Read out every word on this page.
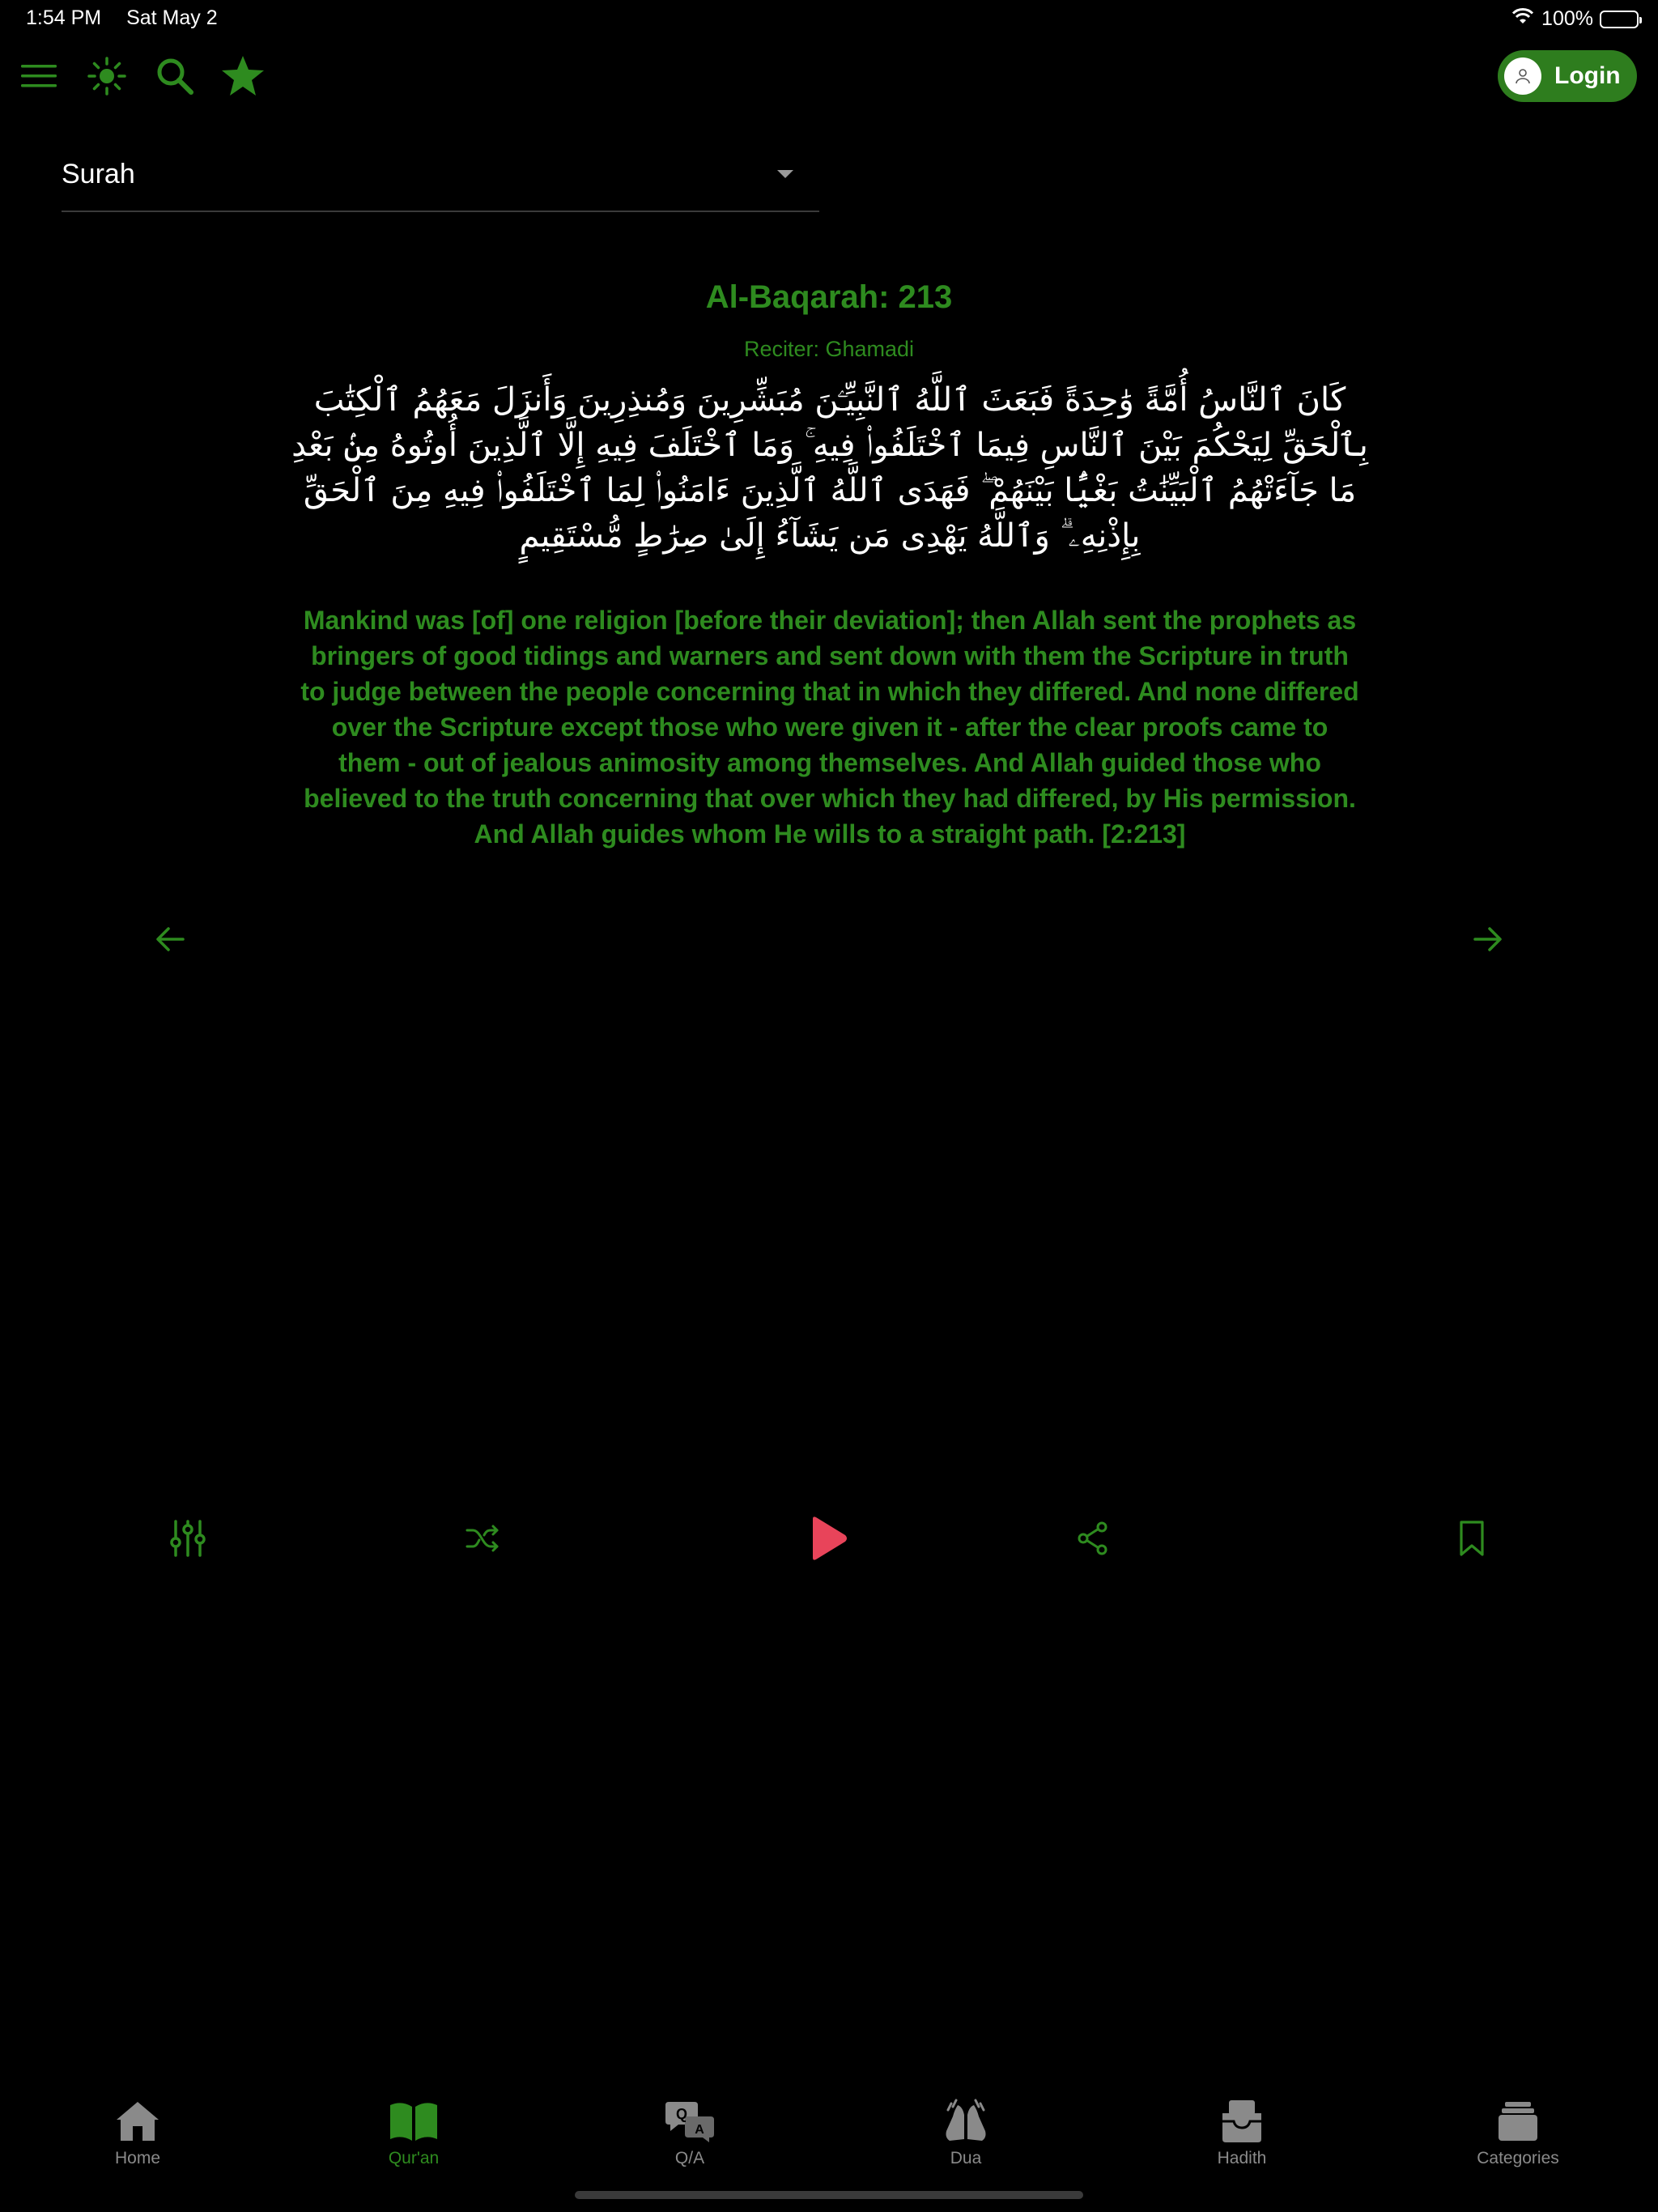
1:54 PM Sat May 2	100%
Login
Surah
Al-Baqarah: 213
Reciter: Ghamadi
كَانَ ٱلنَّاسُ أُمَّةً وَٰحِدَةً فَبَعَثَ ٱللَّهُ ٱلنَّبِيِّـۧنَ مُبَشِّرِينَ وَمُنذِرِينَ وَأَنزَلَ مَعَهُمُ ٱلْكِتَٰبَ بِٱلْحَقِّ لِيَحْكُمَ بَيْنَ ٱلنَّاسِ فِيمَا ٱخْتَلَفُوا۟ فِيهِ ۚ وَمَا ٱخْتَلَفَ فِيهِ إِلَّا ٱلَّذِينَ أُوتُوهُ مِنۢ بَعْدِ مَا جَآءَتْهُمُ ٱلْبَيِّنَٰتُ بَغْيًۢا بَيْنَهُمْ ۖ فَهَدَى ٱللَّهُ ٱلَّذِينَ ءَامَنُوا۟ لِمَا ٱخْتَلَفُوا۟ فِيهِ مِنَ ٱلْحَقِّ بِإِذْنِهِۦ ۗ وَٱللَّهُ يَهْدِى مَن يَشَآءُ إِلَىٰ صِرَٰطٍ مُّسْتَقِيمٍ
Mankind was [of] one religion [before their deviation]; then Allah sent the prophets as bringers of good tidings and warners and sent down with them the Scripture in truth to judge between the people concerning that in which they differed. And none differed over the Scripture except those who were given it - after the clear proofs came to them - out of jealous animosity among themselves. And Allah guided those who believed to the truth concerning that over which they had differed, by His permission. And Allah guides whom He wills to a straight path. [2:213]
Home	Qur'an
Q
A
Q/A	Dua	Hadith	Categories
